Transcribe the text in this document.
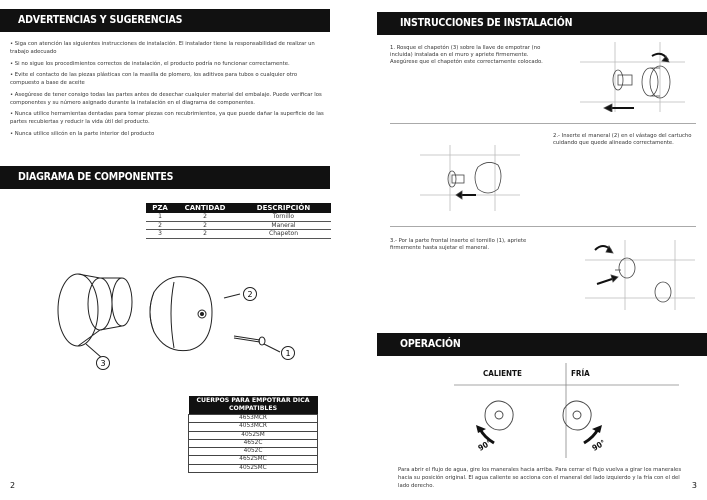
ADVERTENCIAS Y SUGERENCIAS

• Siga con atención las siguientes instrucciones de instalación. El instalador tiene la responsabilidad de realizar un trabajo adecuado

• Si no sigue los procedimientos correctos de instalación, el producto podría no funcionar correctamente.

• Evite el contacto de las piezas plásticas con la masilla de plomero, los aditivos para tubos o cualquier otro compuesto a base de aceite

• Asegúrese de tener consigo todas las partes antes de desechar cualquier material del embalaje. Puede verificar los componentes y su número asignado durante la instalación en el diagrama de componentes.

• Nunca utilice herramientas dentadas para tomar piezas con recubrimientos, ya que puede dañar la superficie de las partes recubiertas y reducir la vida útil del producto.

• Nunca utilice silicón en la parte interior del producto

DIAGRAMA DE COMPONENTES
PZA	CANTIDAD	DESCRIPCIÓN
1	2	Tornillo
2	2	Maneral
3	2	Chapeton
3
2
1
CUERPOS PARA EMPOTRAR DICA COMPATIBLES
4653MCR
4053MCR
4052SM
4652C
4052C
4652SMC
4052SMC
2
INSTRUCCIONES DE INSTALACIÓN
1. Rosque el chapetón (3) sobre la llave de empotrar (no incluida) instalada en el muro y apriete firmemente. Asegúrese que el chapetón este correctamente colocado.
2.- Inserte el maneral (2) en el vástago del cartucho cuidando que quede alineado correctamente.
3.- Por la parte frontal inserte el tornillo (1), apriete firmemente hasta sujetar el maneral.
OPERACIÓN
CALIENTE	FRÍA
90°	90°
Para abrir el flujo de agua, gire los manerales hacia arriba. Para cerrar el flujo vuelva a girar los manerales hacia su posición original. El agua caliente se acciona con el maneral del lado izquierdo y la fría con el del lado derecho.	3
